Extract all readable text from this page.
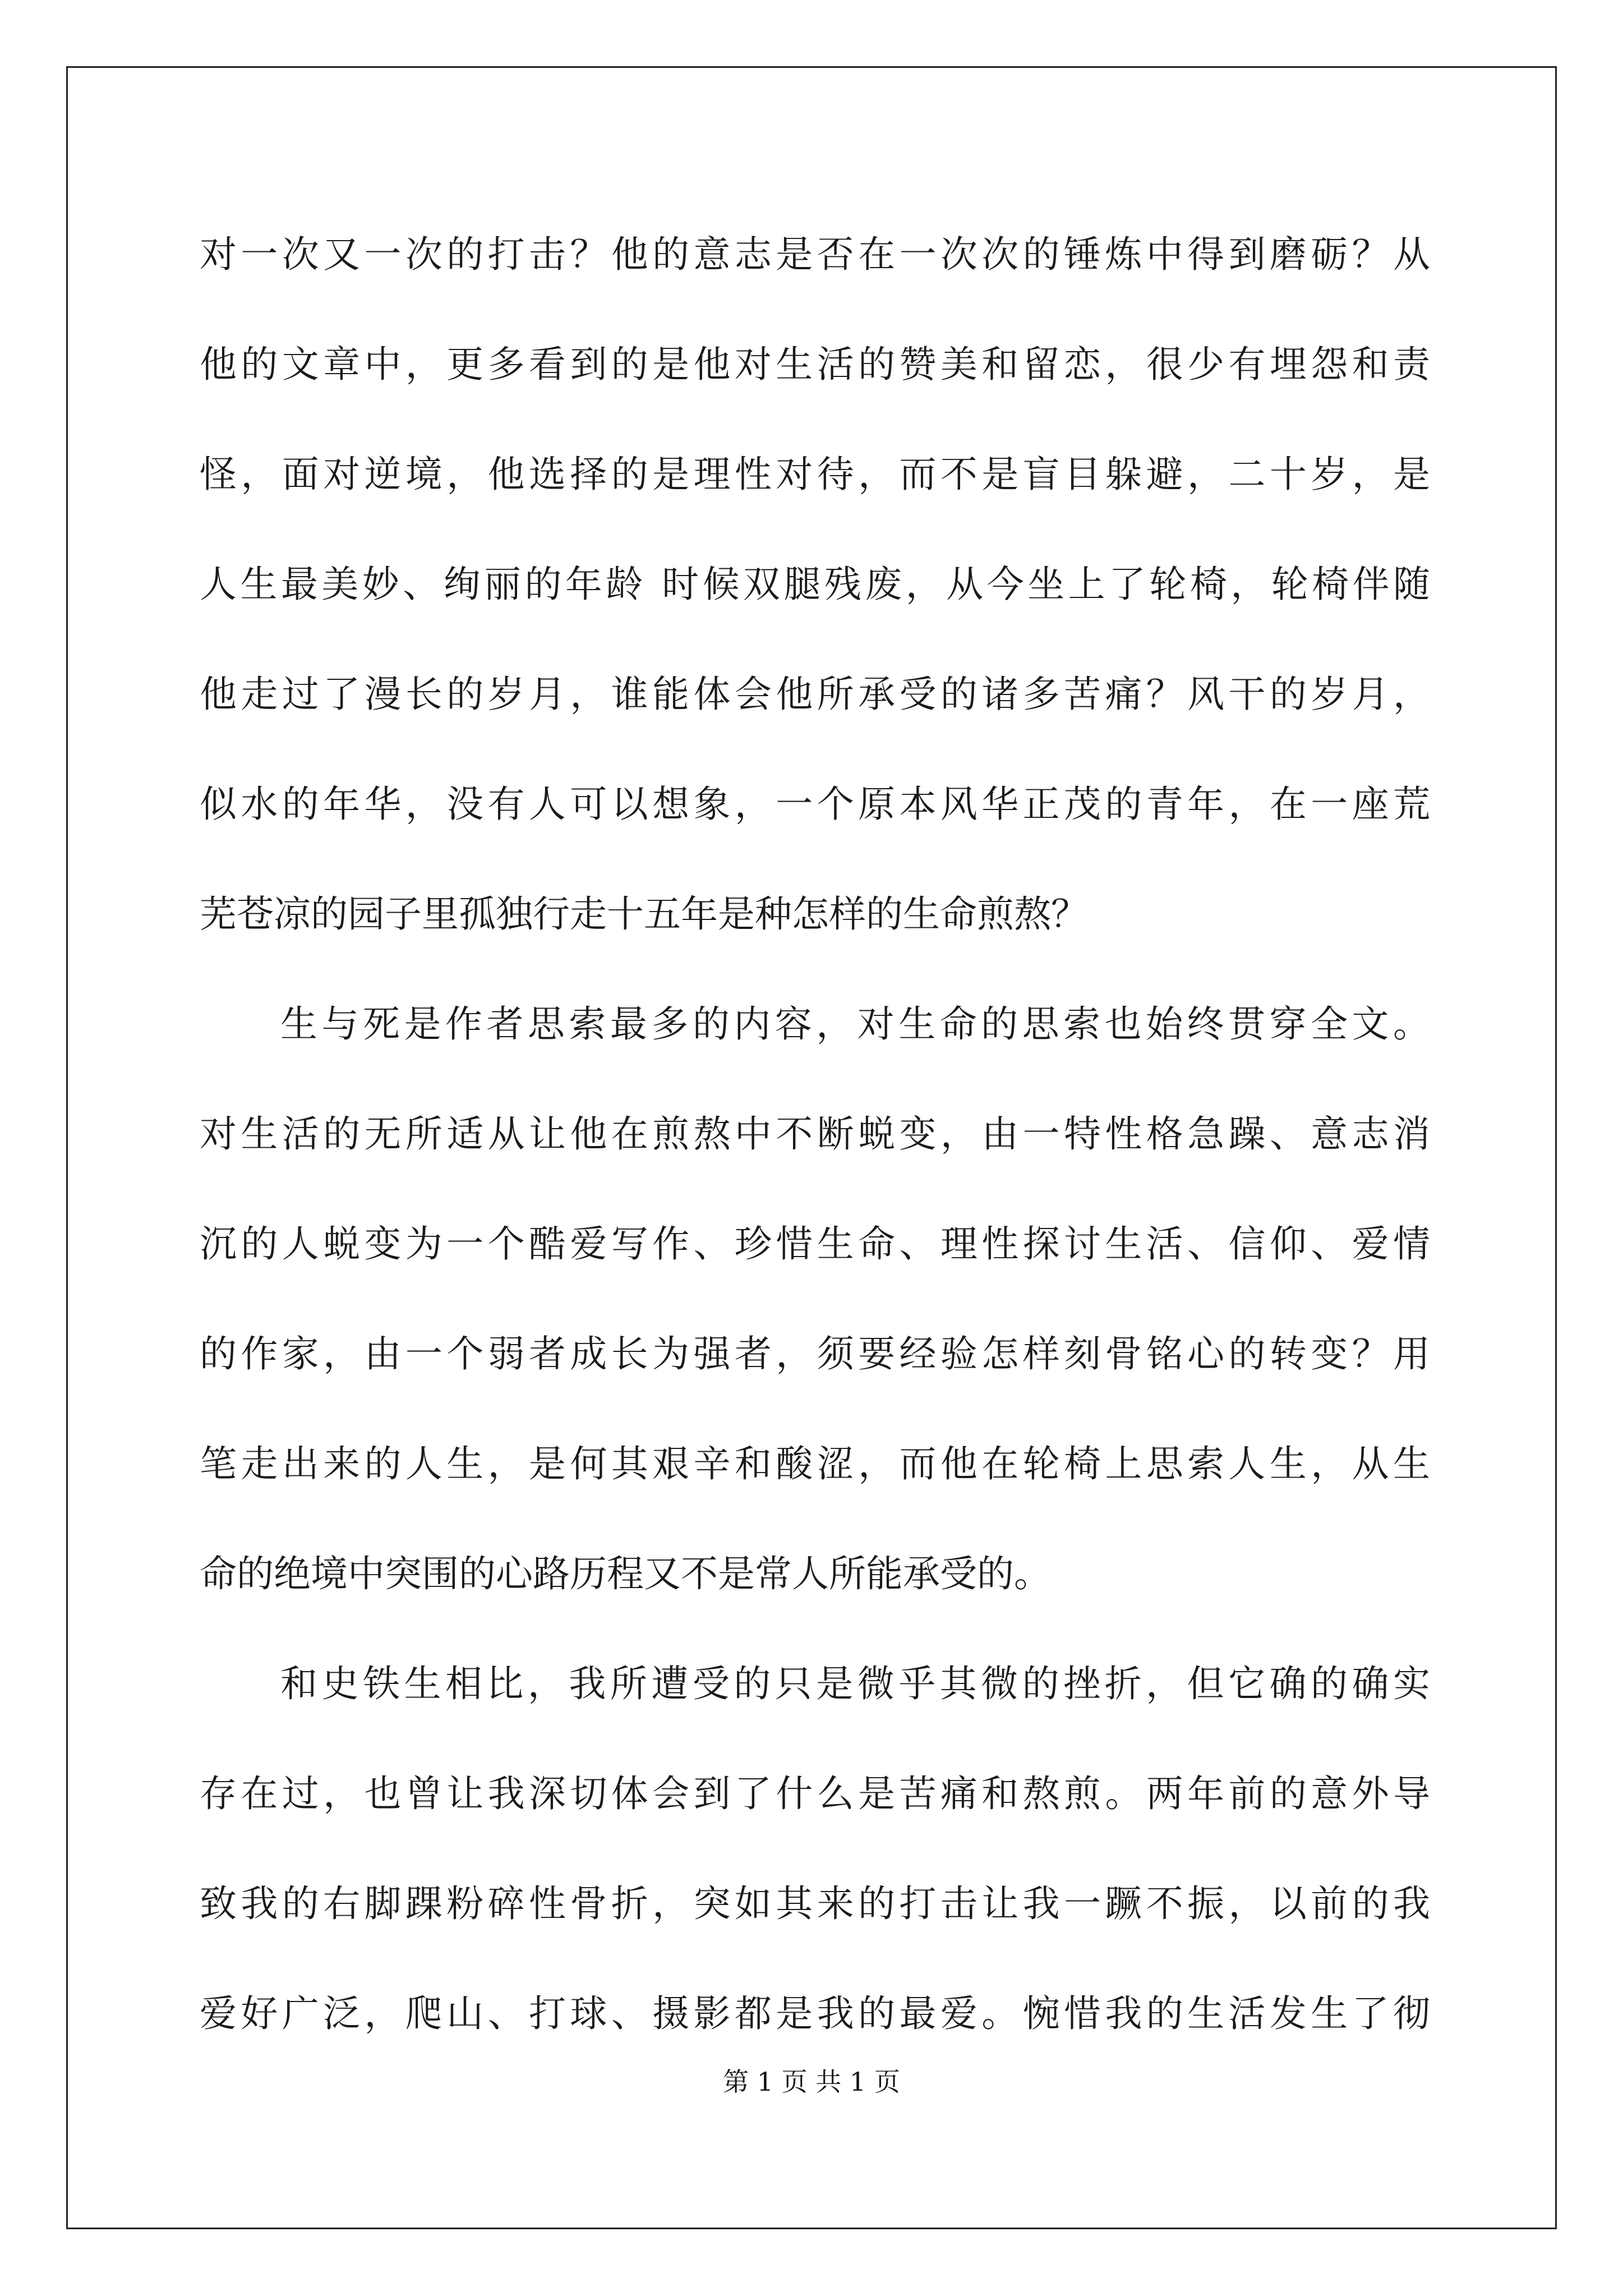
对一次又一次的打击？他的意志是否在一次次的锤炼中得到磨砺？从
他的文章中，更多看到的是他对生活的赞美和留恋，很少有埋怨和责
怪，面对逆境，他选择的是理性对待，而不是盲目躲避，二十岁，是
人生最美妙、绚丽的年龄 时候双腿残废，从今坐上了轮椅，轮椅伴随
他走过了漫长的岁月，谁能体会他所承受的诸多苦痛？风干的岁月，
似水的年华，没有人可以想象，一个原本风华正茂的青年，在一座荒
芜苍凉的园子里孤独行走十五年是种怎样的生命煎熬？
生与死是作者思索最多的内容，对生命的思索也始终贯穿全文。
对生活的无所适从让他在煎熬中不断蜕变，由一特性格急躁、意志消
沉的人蜕变为一个酷爱写作、珍惜生命、理性探讨生活、信仰、爱情
的作家，由一个弱者成长为强者，须要经验怎样刻骨铭心的转变？用
笔走出来的人生，是何其艰辛和酸涩，而他在轮椅上思索人生，从生
命的绝境中突围的心路历程又不是常人所能承受的。
和史铁生相比，我所遭受的只是微乎其微的挫折，但它确的确实
存在过，也曾让我深切体会到了什么是苦痛和熬煎。两年前的意外导
致我的右脚踝粉碎性骨折，突如其来的打击让我一蹶不振，以前的我
爱好广泛，爬山、打球、摄影都是我的最爱。惋惜我的生活发生了彻
第 1 页 共 1 页
